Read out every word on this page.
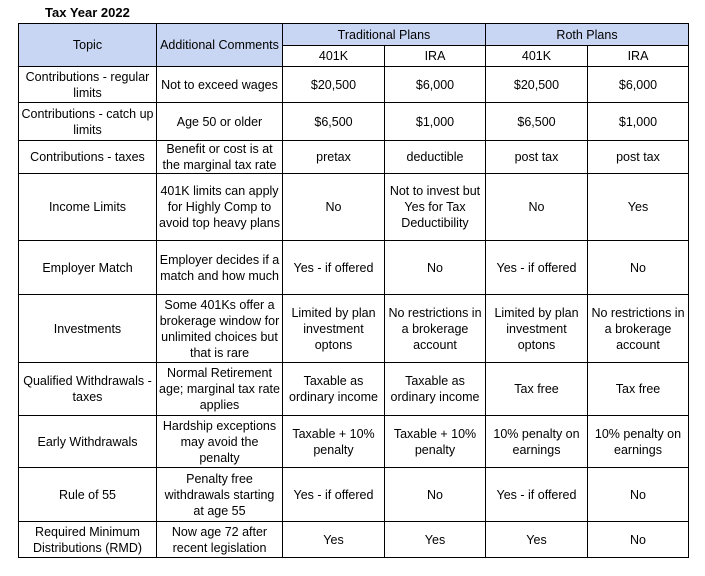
Tax Year 2022
Topic	Additional Comments	Traditional Plans		Roth Plans	
		401K	IRA	401K	IRA
Contributions - regular limits	Not to exceed wages	$20,500	$6,000	$20,500	$6,000
Contributions - catch up limits	Age 50 or older	$6,500	$1,000	$6,500	$1,000
Contributions - taxes	Benefit or cost is at the marginal tax rate	pretax	deductible	post tax	post tax
Income Limits	401K limits can apply for Highly Comp to avoid top heavy plans	No	Not to invest but Yes for Tax Deductibility	No	Yes
Employer Match	Employer decides if a match and how much	Yes - if offered	No	Yes - if offered	No
Investments	Some 401Ks offer a brokerage window for unlimited choices but that is rare	Limited by plan investment optons	No restrictions in a brokerage account	Limited by plan investment optons	No restrictions in a brokerage account
Qualified Withdrawals - taxes	Normal Retirement age; marginal tax rate applies	Taxable as ordinary income	Taxable as ordinary income	Tax free	Tax free
Early Withdrawals	Hardship exceptions may avoid the penalty	Taxable + 10% penalty	Taxable + 10% penalty	10% penalty on earnings	10% penalty on earnings
Rule of 55	Penalty free withdrawals starting at age 55	Yes - if offered	No	Yes - if offered	No
Required Minimum Distributions (RMD)	Now age 72 after recent legislation	Yes	Yes	Yes	No
